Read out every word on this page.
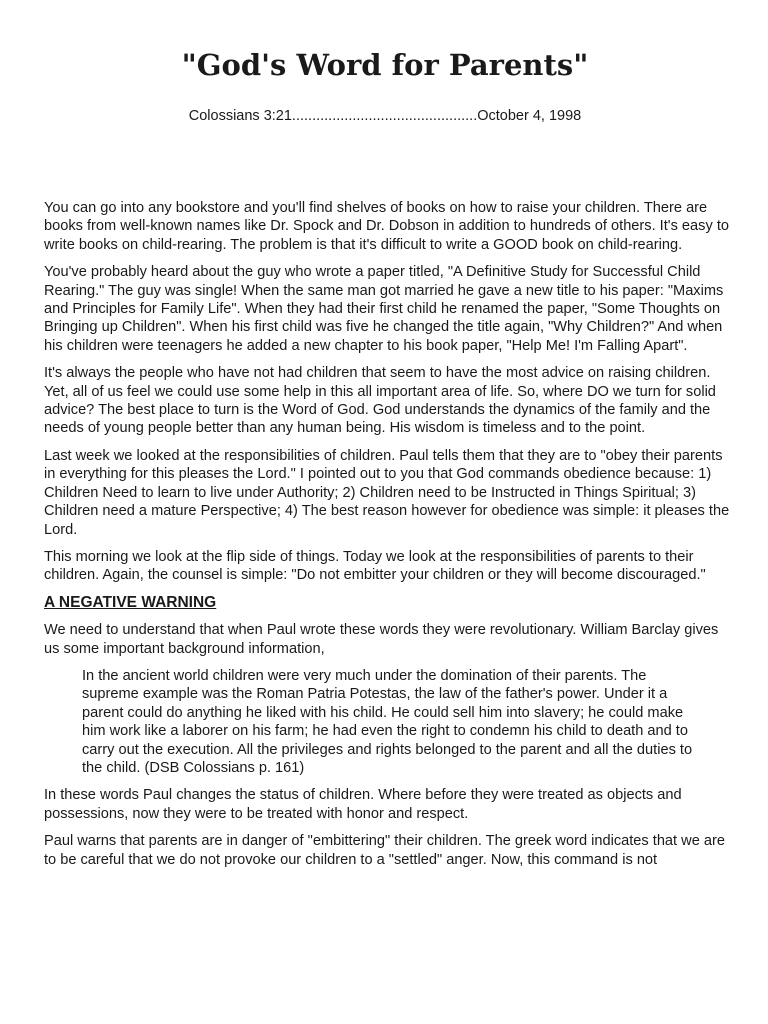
"God's Word for Parents"

Colossians 3:21..............................................October 4, 1998

You can go into any bookstore and you'll find shelves of books on how to raise your children. There are books from well-known names like Dr. Spock and Dr. Dobson in addition to hundreds of others. It's easy to write books on child-rearing. The problem is that it's difficult to write a GOOD book on child-rearing.

You've probably heard about the guy who wrote a paper titled, "A Definitive Study for Successful Child Rearing." The guy was single! When the same man got married he gave a new title to his paper: "Maxims and Principles for Family Life". When they had their first child he renamed the paper, "Some Thoughts on Bringing up Children". When his first child was five he changed the title again, "Why Children?" And when his children were teenagers he added a new chapter to his book paper, "Help Me! I'm Falling Apart".

It's always the people who have not had children that seem to have the most advice on raising children. Yet, all of us feel we could use some help in this all important area of life. So, where DO we turn for solid advice? The best place to turn is the Word of God. God understands the dynamics of the family and the needs of young people better than any human being. His wisdom is timeless and to the point.

Last week we looked at the responsibilities of children. Paul tells them that they are to "obey their parents in everything for this pleases the Lord." I pointed out to you that God commands obedience because: 1) Children Need to learn to live under Authority; 2) Children need to be Instructed in Things Spiritual; 3) Children need a mature Perspective; 4) The best reason however for obedience was simple: it pleases the Lord.

This morning we look at the flip side of things. Today we look at the responsibilities of parents to their children. Again, the counsel is simple: "Do not embitter your children or they will become discouraged."

A NEGATIVE WARNING

We need to understand that when Paul wrote these words they were revolutionary. William Barclay gives us some important background information,

In the ancient world children were very much under the domination of their parents. The supreme example was the Roman Patria Potestas, the law of the father's power. Under it a parent could do anything he liked with his child. He could sell him into slavery; he could make him work like a laborer on his farm; he had even the right to condemn his child to death and to carry out the execution. All the privileges and rights belonged to the parent and all the duties to the child. (DSB Colossians p. 161)

In these words Paul changes the status of children. Where before they were treated as objects and possessions, now they were to be treated with honor and respect.

Paul warns that parents are in danger of "embittering" their children. The greek word indicates that we are to be careful that we do not provoke our children to a "settled" anger. Now, this command is not
